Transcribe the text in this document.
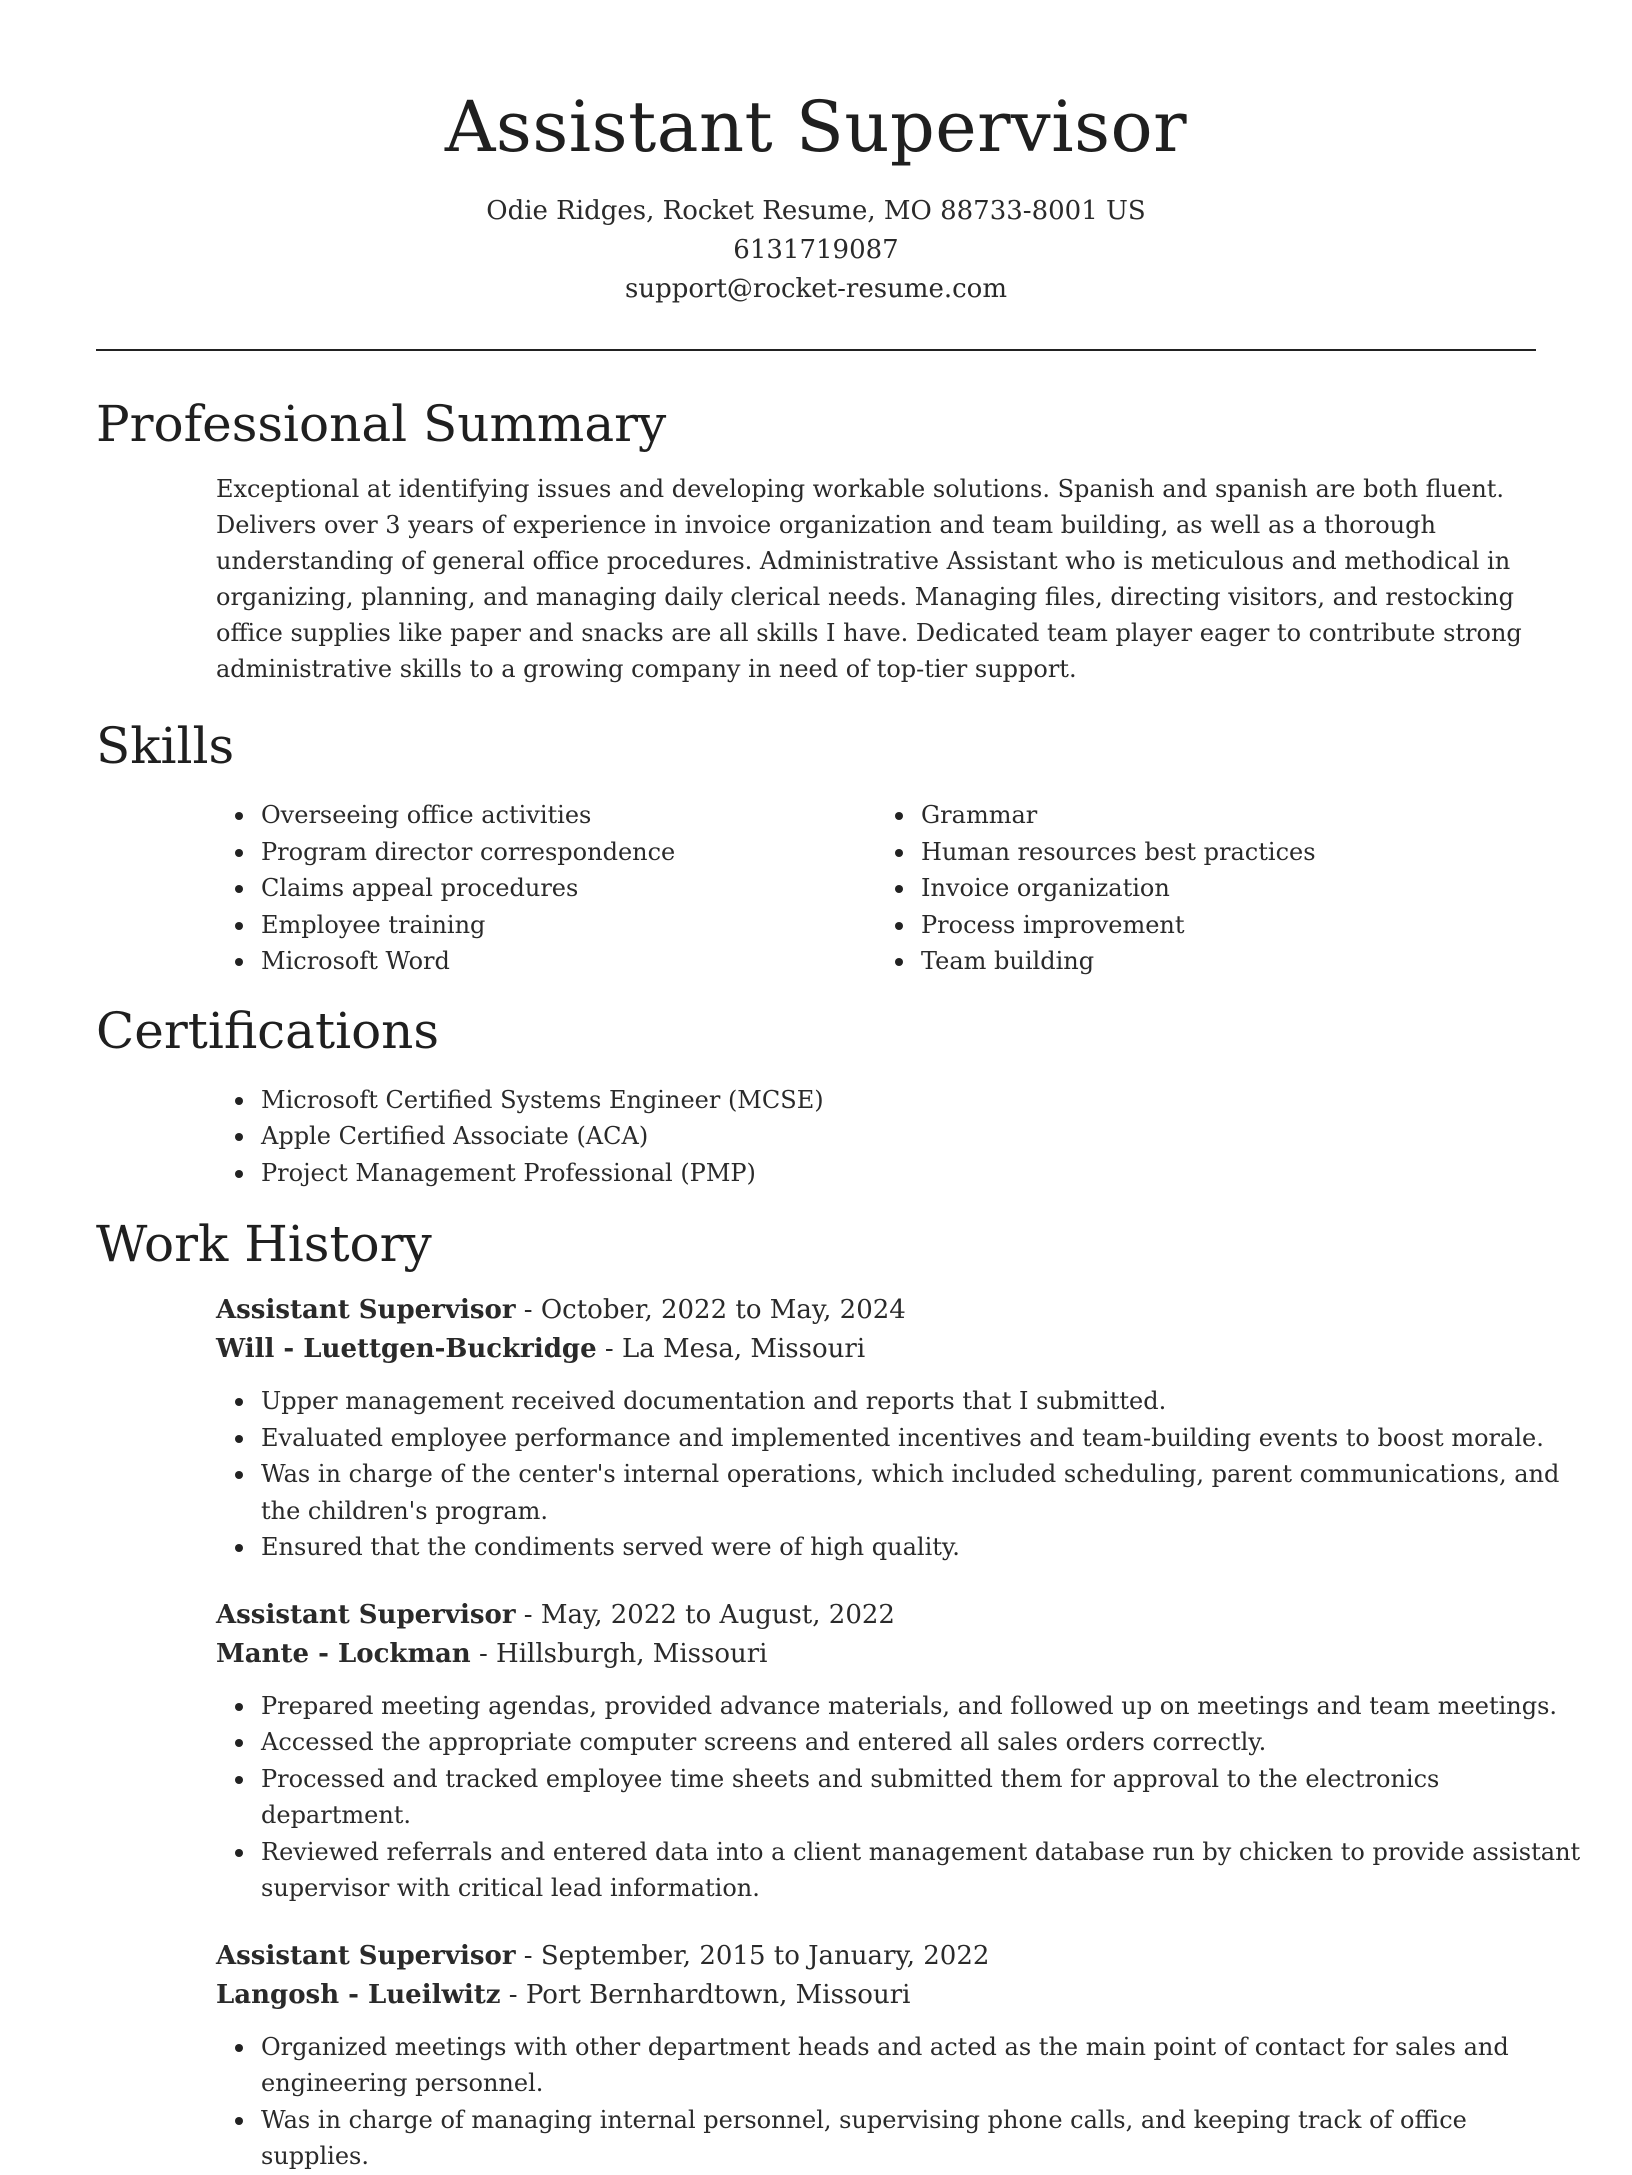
Assistant Supervisor
Odie Ridges, Rocket Resume, MO 88733-8001 US
6131719087
support@rocket-resume.com
Professional Summary

Exceptional at identifying issues and developing workable solutions. Spanish and spanish are both fluent. Delivers over 3 years of experience in invoice organization and team building, as well as a thorough understanding of general office procedures. Administrative Assistant who is meticulous and methodical in organizing, planning, and managing daily clerical needs. Managing files, directing visitors, and restocking office supplies like paper and snacks are all skills I have. Dedicated team player eager to contribute strong administrative skills to a growing company in need of top-tier support.

Skills
Overseeing office activities
Program director correspondence
Claims appeal procedures
Employee training
Microsoft Word
Grammar
Human resources best practices
Invoice organization
Process improvement
Team building
Certifications
Microsoft Certified Systems Engineer (MCSE)
Apple Certified Associate (ACA)
Project Management Professional (PMP)
Work History
Assistant Supervisor - October, 2022 to May, 2024
Will - Luettgen-Buckridge - La Mesa, Missouri
Upper management received documentation and reports that I submitted.
Evaluated employee performance and implemented incentives and team-building events to boost morale.
Was in charge of the center's internal operations, which included scheduling, parent communications, and the children's program.
Ensured that the condiments served were of high quality.
Assistant Supervisor - May, 2022 to August, 2022
Mante - Lockman - Hillsburgh, Missouri
Prepared meeting agendas, provided advance materials, and followed up on meetings and team meetings.
Accessed the appropriate computer screens and entered all sales orders correctly.
Processed and tracked employee time sheets and submitted them for approval to the electronics department.
Reviewed referrals and entered data into a client management database run by chicken to provide assistant supervisor with critical lead information.
Assistant Supervisor - September, 2015 to January, 2022
Langosh - Lueilwitz - Port Bernhardtown, Missouri
Organized meetings with other department heads and acted as the main point of contact for sales and engineering personnel.
Was in charge of managing internal personnel, supervising phone calls, and keeping track of office supplies.
